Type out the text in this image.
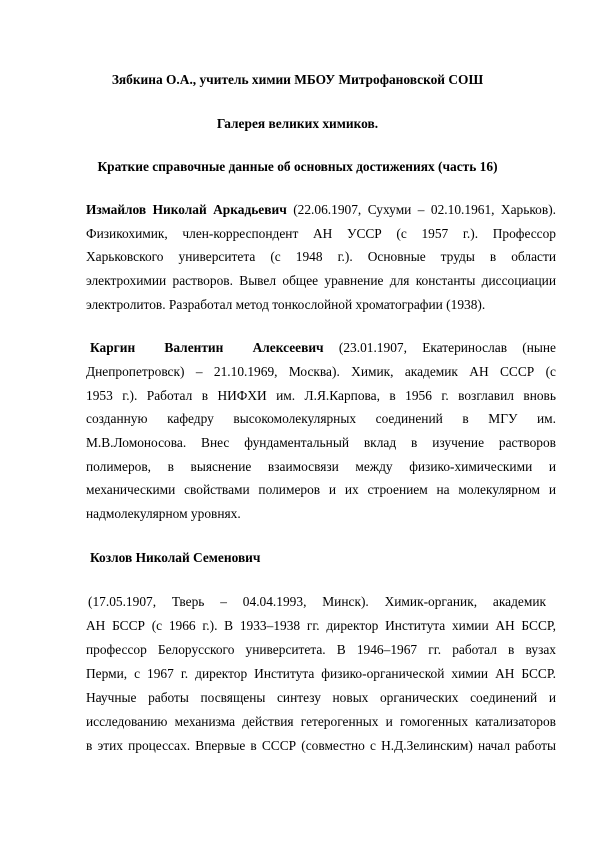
Зябкина О.А., учитель химии МБОУ Митрофановской СОШ
Галерея великих химиков.
Краткие справочные данные об основных достижениях (часть 16)
Измайлов Николай Аркадьевич (22.06.1907, Сухуми – 02.10.1961, Харьков).
Физикохимик, член-корреспондент АН УССР (с 1957 г.). Профессор
Харьковского университета (с 1948 г.). Основные труды в области
электрохимии растворов. Вывел общее уравнение для константы диссоциации
электролитов. Разработал метод тонкослойной хроматографии (1938).
Каргин Валентин Алексеевич (23.01.1907, Екатеринослав (ныне
Днепропетровск) – 21.10.1969, Москва). Химик, академик АН СССР (с
1953 г.). Работал в НИФХИ им. Л.Я.Карпова, в 1956 г. возглавил вновь
созданную кафедру высокомолекулярных соединений в МГУ им.
М.В.Ломоносова. Внес фундаментальный вклад в изучение растворов
полимеров, в выяснение взаимосвязи между физико-химическими и
механическими свойствами полимеров и их строением на молекулярном и
надмолекулярном уровнях.
Козлов Николай Семенович
(17.05.1907, Тверь – 04.04.1993, Минск). Химик-органик, академик
АН БССР (с 1966 г.). В 1933–1938 гг. директор Института химии АН БССР,
профессор Белорусского университета. В 1946–1967 гг. работал в вузах
Перми, с 1967 г. директор Института физико-органической химии АН БССР.
Научные работы посвящены синтезу новых органических соединений и
исследованию механизма действия гетерогенных и гомогенных катализаторов
в этих процессах. Впервые в СССР (совместно с Н.Д.Зелинским) начал работы
